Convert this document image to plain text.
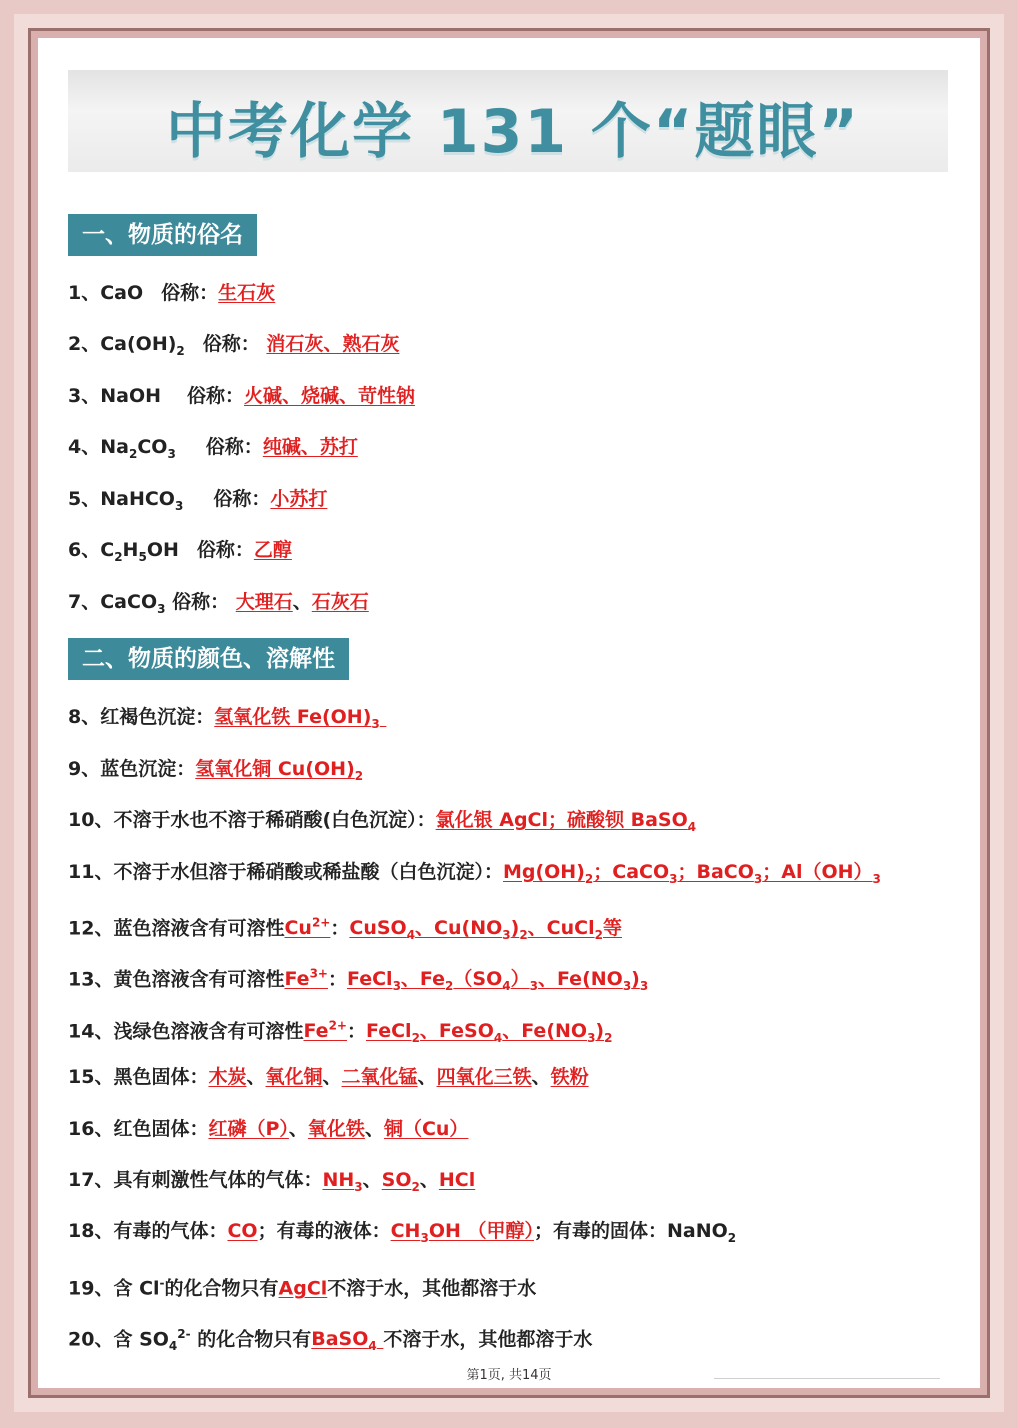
中考化学 131 个“题眼”
一、物质的俗名
1、CaO 俗称：生石灰
2、$Ca(OH)_2$ 俗称： 消石灰、熟石灰
3、NaOH 俗称：火碱、烧碱、苛性钠
4、$Na_2CO_3$ 俗称：纯碱、苏打
5、NaHCO$_3$ 俗称：小苏打
6、$C_2H_5OH$ 俗称：乙醇
7、CaCO$_3$ 俗称： 大理石、石灰石
二、物质的颜色、溶解性
8、红褐色沉淀：氢氧化铁 $Fe(OH)_3$
9、蓝色沉淀：氢氧化铜 $Cu(OH)_2$
10、不溶于水也不溶于稀硝酸(白色沉淀）：氯化银 AgCl；硫酸钡 BaSO$_4$
11、不溶于水但溶于稀硝酸或稀盐酸（白色沉淀）：$Mg(OH)_2$；CaCO$_3$；BaCO$_3$；$Al(OH)_3$
12、蓝色溶液含有可溶性$Cu^{2+}$：CuSO$_4$、$Cu(NO_3)_2$、CuCl$_2$等
13、黄色溶液含有可溶性$Fe^{3+}$：FeCl$_3$、$Fe_2(SO_4)_3$、$Fe(NO_3)_3$
14、浅绿色溶液含有可溶性$Fe^{2+}$：FeCl$_2$、FeSO$_4$、$Fe(NO_3)_2$
15、黑色固体：木炭、氧化铜、二氧化锰、四氧化三铁、铁粉
16、红色固体：红磷（P）、氧化铁、铜（Cu）
17、具有刺激性气体的气体：$NH_3$、$SO_2$、HCl
18、有毒的气体：CO；有毒的液体：$CH_3OH$ （甲醇）；有毒的固体：NaNO$_2$
19、含 Cl-的化合物只有AgCl不溶于水，其他都溶于水
20、含 $SO_4^{2-}$ 的化合物只有BaSO$_4$ 不溶于水，其他都溶于水
第1页, 共14页
